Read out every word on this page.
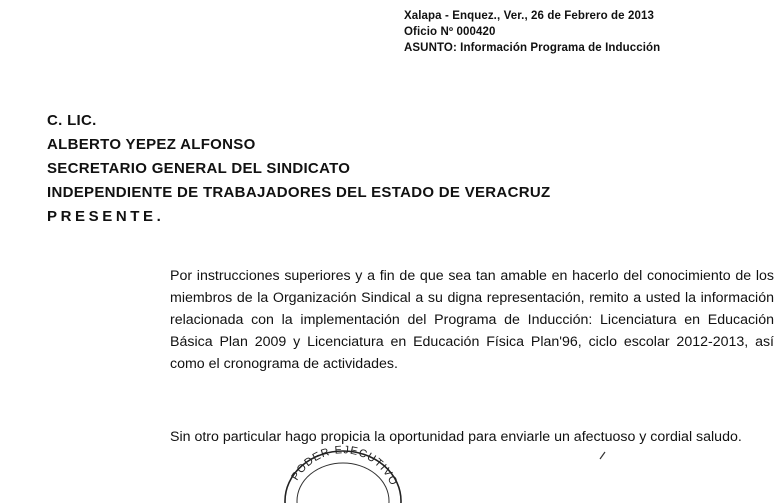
Xalapa - Enquez., Ver., 26 de Febrero de 2013
Oficio Nº 000420
ASUNTO: Información Programa de Inducción
C. LIC.
ALBERTO YEPEZ ALFONSO
SECRETARIO GENERAL DEL SINDICATO
INDEPENDIENTE DE TRABAJADORES DEL ESTADO DE VERACRUZ
PRESENTE.

Por instrucciones superiores y a fin de que sea tan amable en hacerlo del conocimiento de los miembros de la Organización Sindical a su digna representación, remito a usted la información relacionada con la implementación del Programa de Inducción: Licenciatura en Educación Básica Plan 2009 y Licenciatura en Educación Física Plan'96, ciclo escolar 2012-2013, así como el cronograma de actividades.

Sin otro particular hago propicia la oportunidad para enviarle un afectuoso y cordial saludo.

PODER EJECUTIVO
